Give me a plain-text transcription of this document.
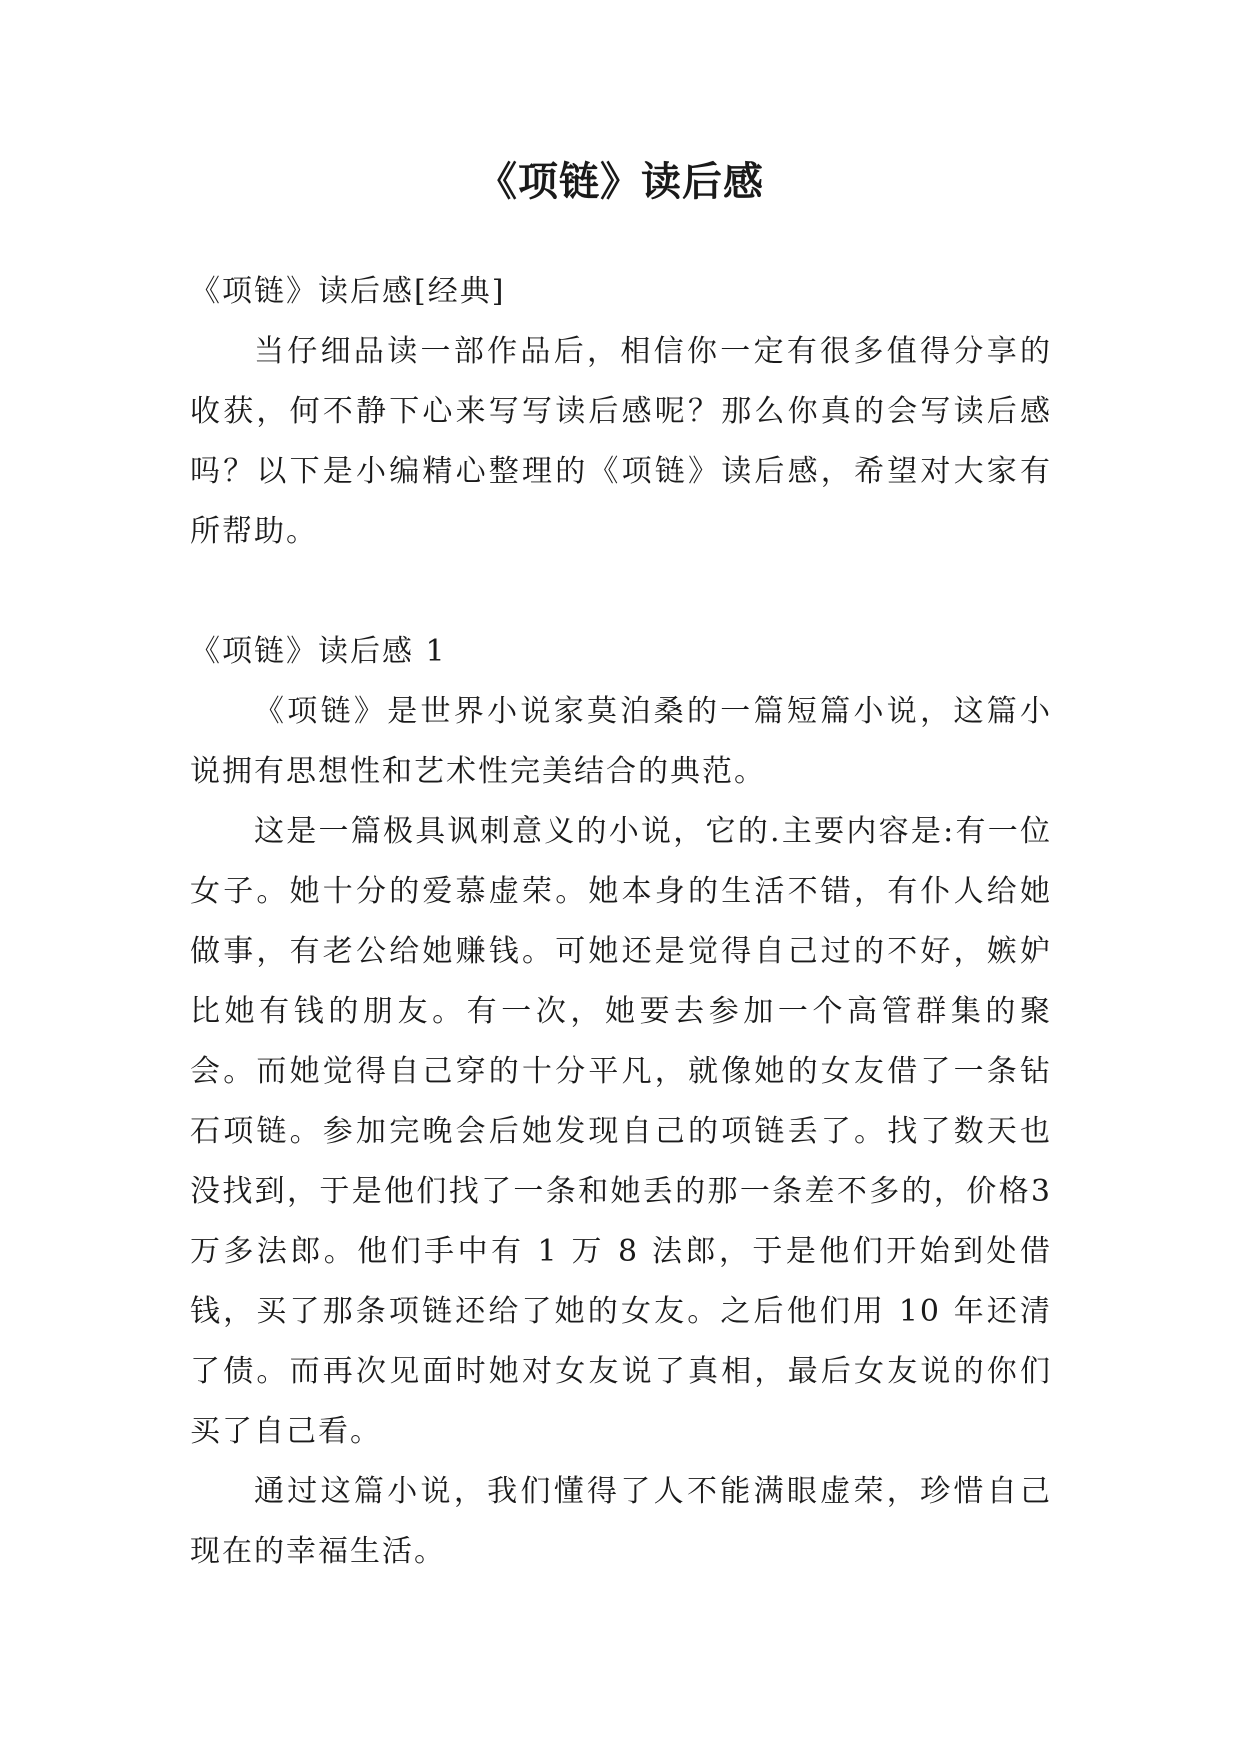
《项链》读后感

《项链》读后感[经典]

当仔细品读一部作品后，相信你一定有很多值得分享的收获，何不静下心来写写读后感呢？那么你真的会写读后感吗？以下是小编精心整理的《项链》读后感，希望对大家有所帮助。

《项链》读后感 1

《项链》是世界小说家莫泊桑的一篇短篇小说，这篇小说拥有思想性和艺术性完美结合的典范。

这是一篇极具讽刺意义的小说，它的.主要内容是:有一位女子。她十分的爱慕虚荣。她本身的生活不错，有仆人给她做事，有老公给她赚钱。可她还是觉得自己过的不好，嫉妒比她有钱的朋友。有一次，她要去参加一个高管群集的聚会。而她觉得自己穿的十分平凡，就像她的女友借了一条钻石项链。参加完晚会后她发现自己的项链丢了。找了数天也没找到，于是他们找了一条和她丢的那一条差不多的，价格3 万多法郎。他们手中有 1 万 8 法郎，于是他们开始到处借钱，买了那条项链还给了她的女友。之后他们用 10 年还清了债。而再次见面时她对女友说了真相，最后女友说的你们买了自己看。

通过这篇小说，我们懂得了人不能满眼虚荣，珍惜自己现在的幸福生活。
